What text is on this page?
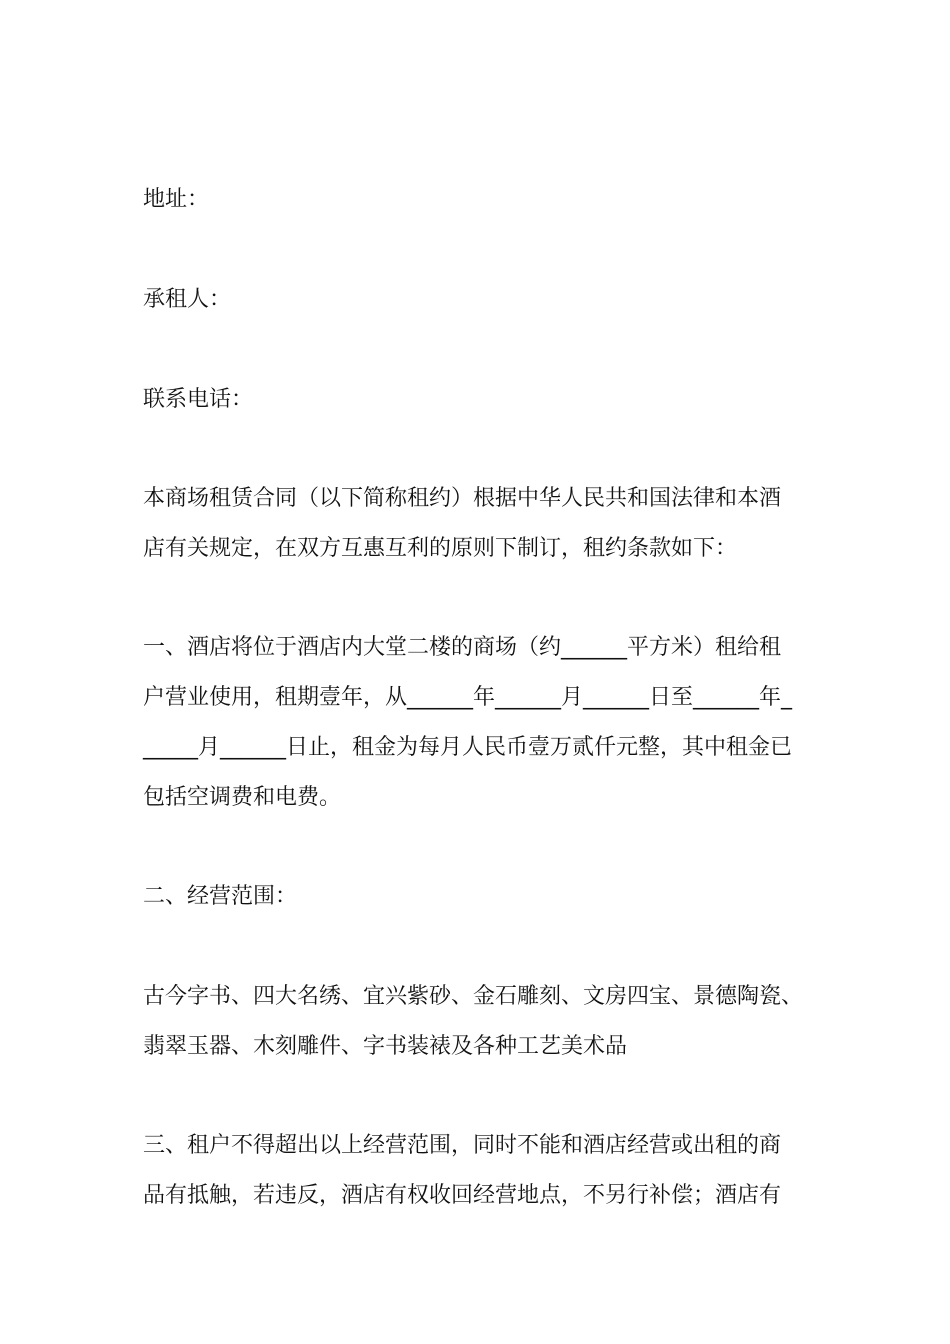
地址：

承租人：

联系电话：

本商场租赁合同（以下简称租约）根据中华人民共和国法律和本酒
店有关规定，在双方互惠互利的原则下制订，租约条款如下：

一、酒店将位于酒店内大堂二楼的商场（约______平方米）租给租
户营业使用，租期壹年，从______年______月______日至______年_
_____月______日止，租金为每月人民币壹万贰仟元整，其中租金已
包括空调费和电费。

二、经营范围：

古今字书、四大名绣、宜兴紫砂、金石雕刻、文房四宝、景德陶瓷、
翡翠玉器、木刻雕件、字书装裱及各种工艺美术品

三、租户不得超出以上经营范围，同时不能和酒店经营或出租的商
品有抵触，若违反，酒店有权收回经营地点，不另行补偿；酒店有
